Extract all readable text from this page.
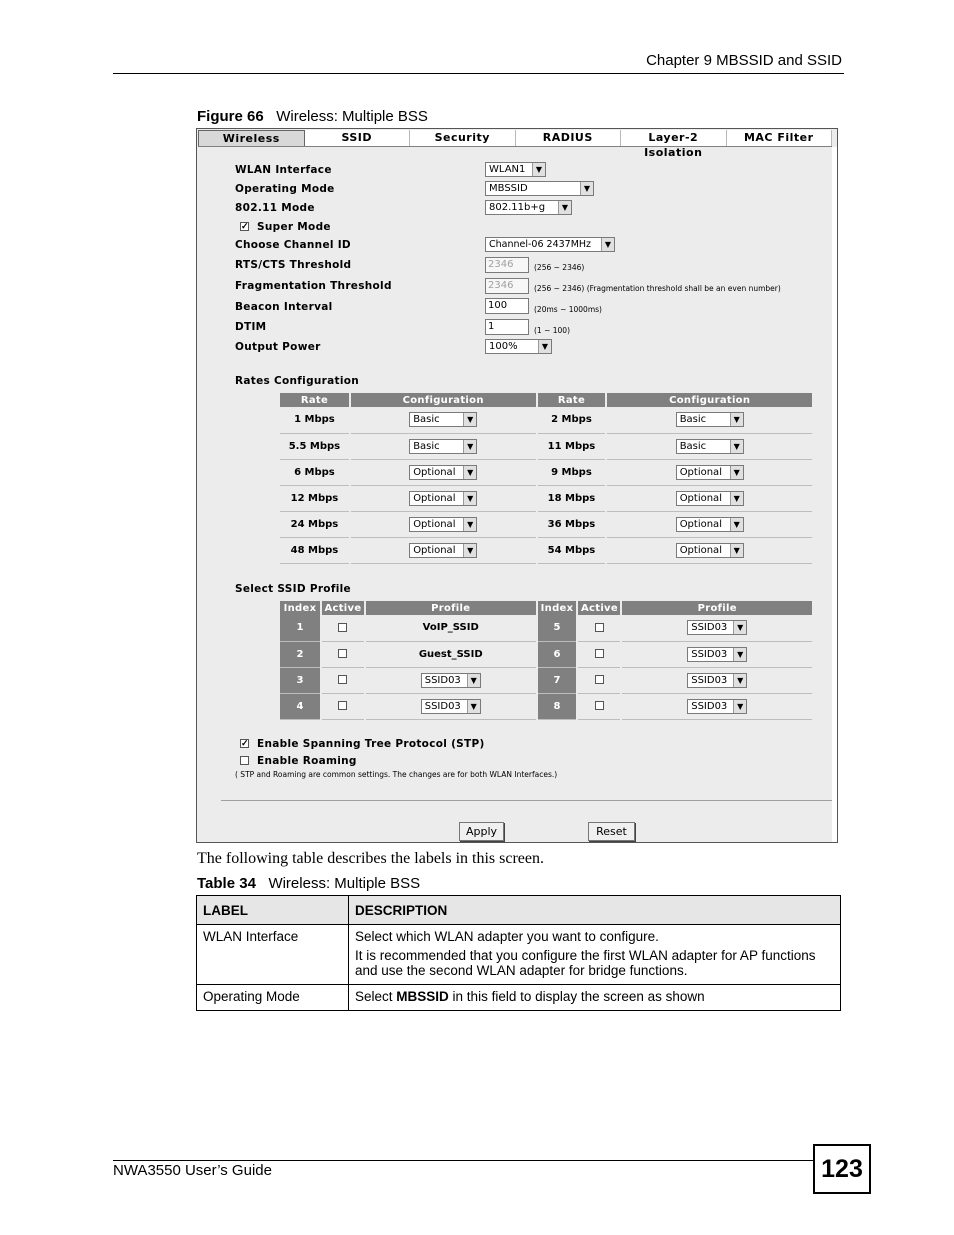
Chapter 9 MBSSID and SSID
Figure 66 Wireless: Multiple BSS
Wireless	SSID	Security	RADIUS	Layer-2 Isolation
MAC Filter
WLAN Interface	WLAN1	▼
Operating Mode	MBSSID	▼
802.11 Mode	802.11b+g	▼
✓ Super Mode
Choose Channel ID	Channel-06 2437MHz	▼
RTS/CTS Threshold	2346	(256 ~ 2346)
Fragmentation Threshold	2346	(256 ~ 2346) (Fragmentation threshold shall be an even number)
Beacon Interval	100	(20ms ~ 1000ms)
DTIM	1	(1 ~ 100)
Output Power	100%	▼
Rates Configuration
Rate	Configuration	Rate	Configuration
1 Mbps	Basic ▼	2 Mbps	Basic ▼

5.5 Mbps	Basic ▼	11 Mbps	Basic ▼

6 Mbps	Optional ▼	9 Mbps	Optional ▼

12 Mbps	Optional ▼	18 Mbps	Optional ▼

24 Mbps	Optional ▼	36 Mbps	Optional ▼

48 Mbps	Optional ▼	54 Mbps	Optional ▼
Select SSID Profile
Index	Active	Profile	Index	Active	Profile
1		VoIP_SSID	5		SSID03 ▼

2		Guest_SSID	6		SSID03 ▼

3		SSID03 ▼	7		SSID03 ▼

4		SSID03 ▼	8		SSID03 ▼
✓ Enable Spanning Tree Protocol (STP)
Enable Roaming
( STP and Roaming are common settings. The changes are for both WLAN Interfaces.)
Apply	Reset
The following table describes the labels in this screen.
Table 34 Wireless: Multiple BSS
LABEL	DESCRIPTION
WLAN Interface	Select which WLAN adapter you want to configure.

It is recommended that you configure the first WLAN adapter for AP functions and use the second WLAN adapter for bridge functions.

Operating Mode	Select MBSSID in this field to display the screen as shown
NWA3550 User’s Guide	123
